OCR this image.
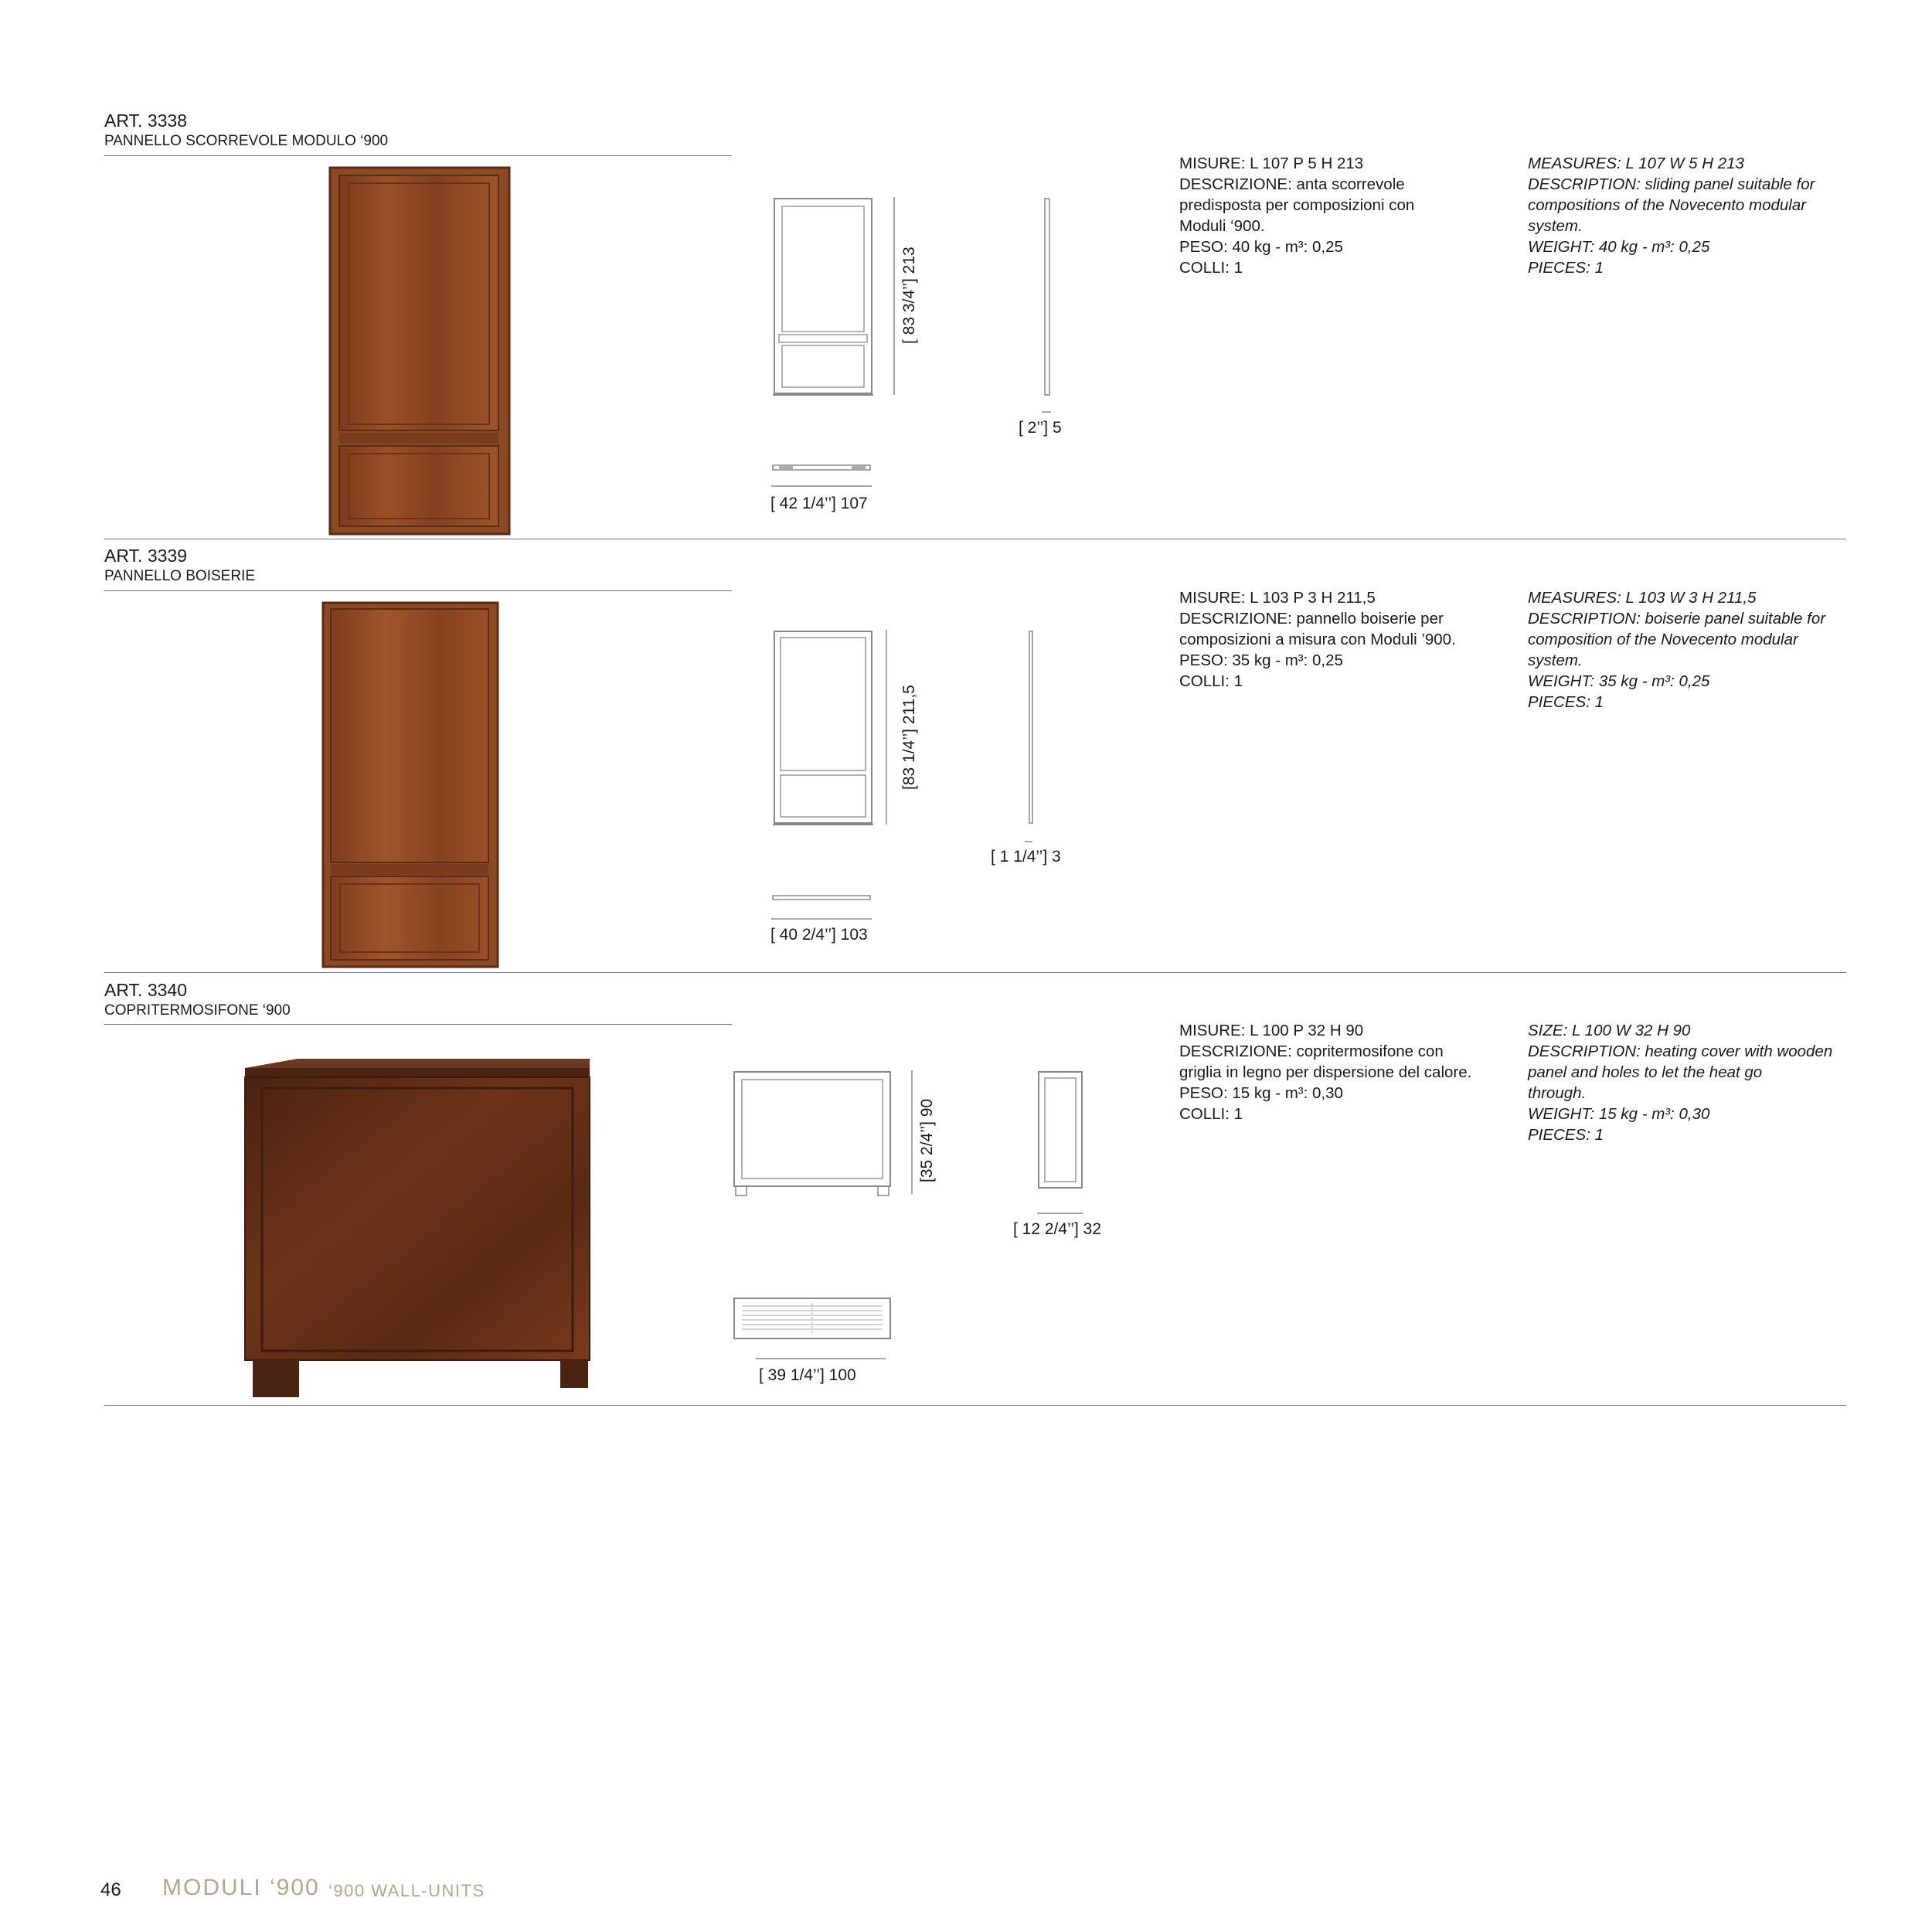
ART. 3338
PANNELLO SCORREVOLE MODULO ‘900
[ 83 3/4’’] 213
[ 2’’] 5
[ 42 1/4’’] 107
MISURE: L 107 P 5 H 213
DESCRIZIONE: anta scorrevole
predisposta per composizioni con
Moduli ‘900.
PESO: 40 kg - m³: 0,25
COLLI: 1
MEASURES: L 107 W 5 H 213
DESCRIPTION: sliding panel suitable for
compositions of the Novecento modular
system.
WEIGHT: 40 kg - m³: 0,25
PIECES: 1
ART. 3339
PANNELLO BOISERIE
[83 1/4’’] 211,5
[ 1 1/4’’] 3
[ 40 2/4’’] 103
MISURE: L 103 P 3 H 211,5
DESCRIZIONE: pannello boiserie per
composizioni a misura con Moduli ’900.
PESO: 35 kg - m³: 0,25
COLLI: 1
MEASURES: L 103 W 3 H 211,5
DESCRIPTION: boiserie panel suitable for
composition of the Novecento modular
system.
WEIGHT: 35 kg - m³: 0,25
PIECES: 1
ART. 3340
COPRITERMOSIFONE ‘900
[35 2/4’’] 90
[ 12 2/4’’] 32
[ 39 1/4’’] 100
MISURE: L 100 P 32 H 90
DESCRIZIONE: copritermosifone con
griglia in legno per dispersione del calore.
PESO: 15 kg - m³: 0,30
COLLI: 1
SIZE: L 100 W 32 H 90
DESCRIPTION: heating cover with wooden
panel and holes to let the heat go
through.
WEIGHT: 15 kg - m³: 0,30
PIECES: 1
46 MODULI ‘900 ‘900 WALL-UNITS
